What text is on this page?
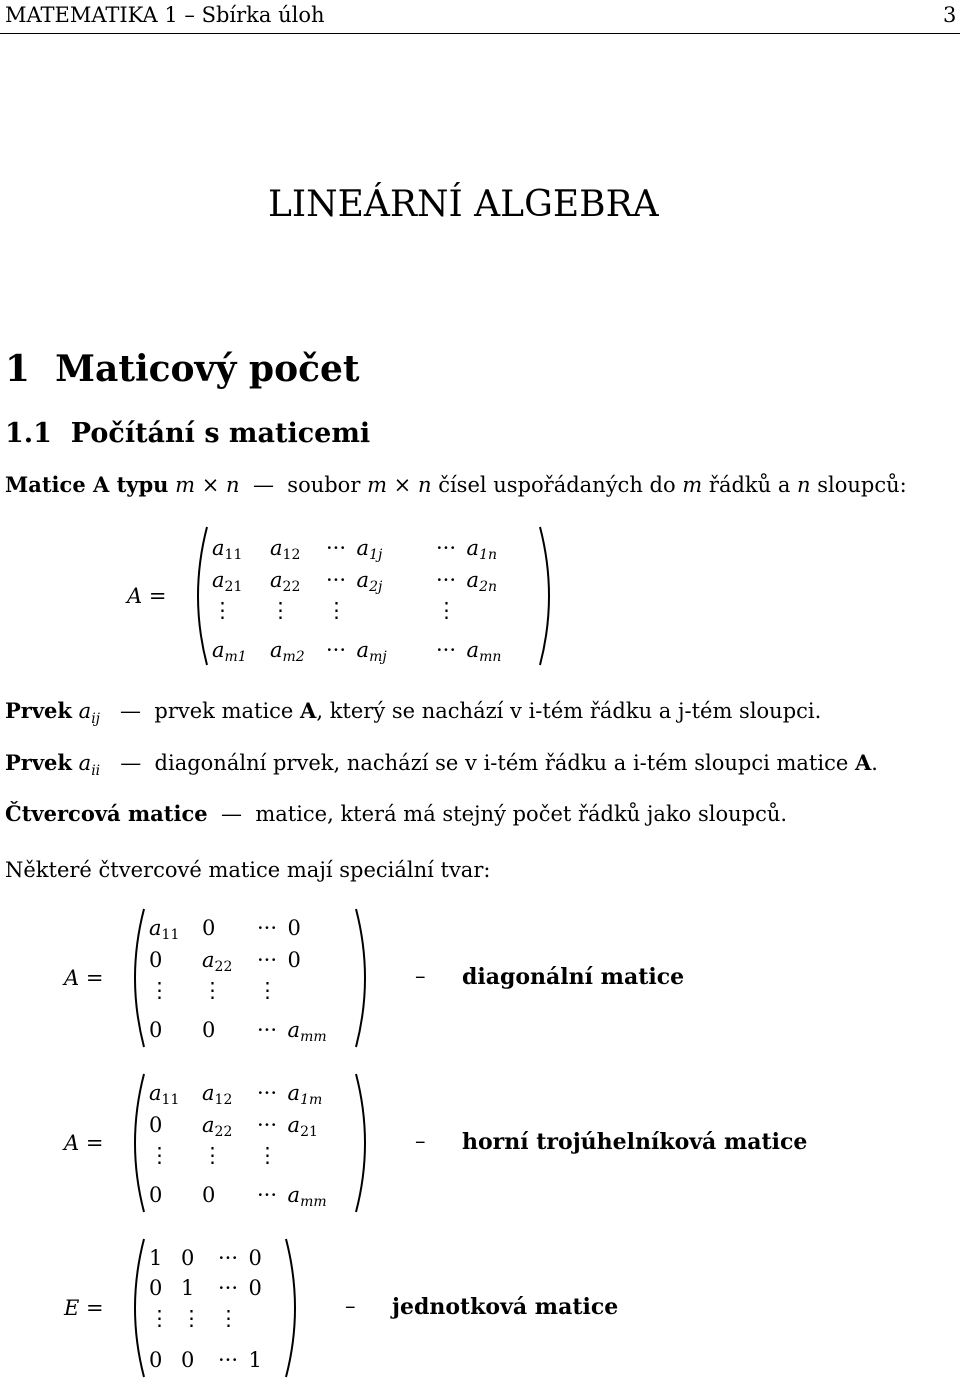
MATEMATIKA 1 – Sbírka úloh	3
LINEÁRNÍ ALGEBRA
1 Maticový počet
1.1 Počítání s maticemi
Matice A typu m × n — soubor m × n čísel uspořádaných do m řádků a n sloupců:
A =
$a_{11}$ $a_{12}$ ··· $a_{1j}$	··· $a_{1n}$
$a_{21}$ $a_{22}$ ··· $a_{2j}$	··· $a_{2n}$
⋮ ⋮ ⋮	⋮
$a_{m1}$ $a_{m2}$ ··· $a_{mj}$ ··· $a_{mn}$
Prvek $a_{ij}$ — prvek matice A, který se nachází v i-tém řádku a j-tém sloupci.
Prvek $a_{ii}$ — diagonální prvek, nachází se v i-tém řádku a i-tém sloupci matice A.
Čtvercová matice — matice, která má stejný počet řádků jako sloupců.
Některé čtvercové matice mají speciální tvar:
A =
$a_{11}$ 0 ··· 0
0 $a_{22}$ ··· 0
⋮ ⋮ ⋮
0 0 ··· $a_{mm}$
– diagonální matice
A =
$a_{11}$ $a_{12}$ ··· $a_{1m}$
0 $a_{22}$ ··· $a_{21}$
⋮ ⋮ ⋮
0 0 ··· $a_{mm}$
– horní trojúhelníková matice
E =
1 0 ··· 0
0 1 ··· 0
⋮ ⋮ ⋮
0 0 ··· 1
– jednotková matice
